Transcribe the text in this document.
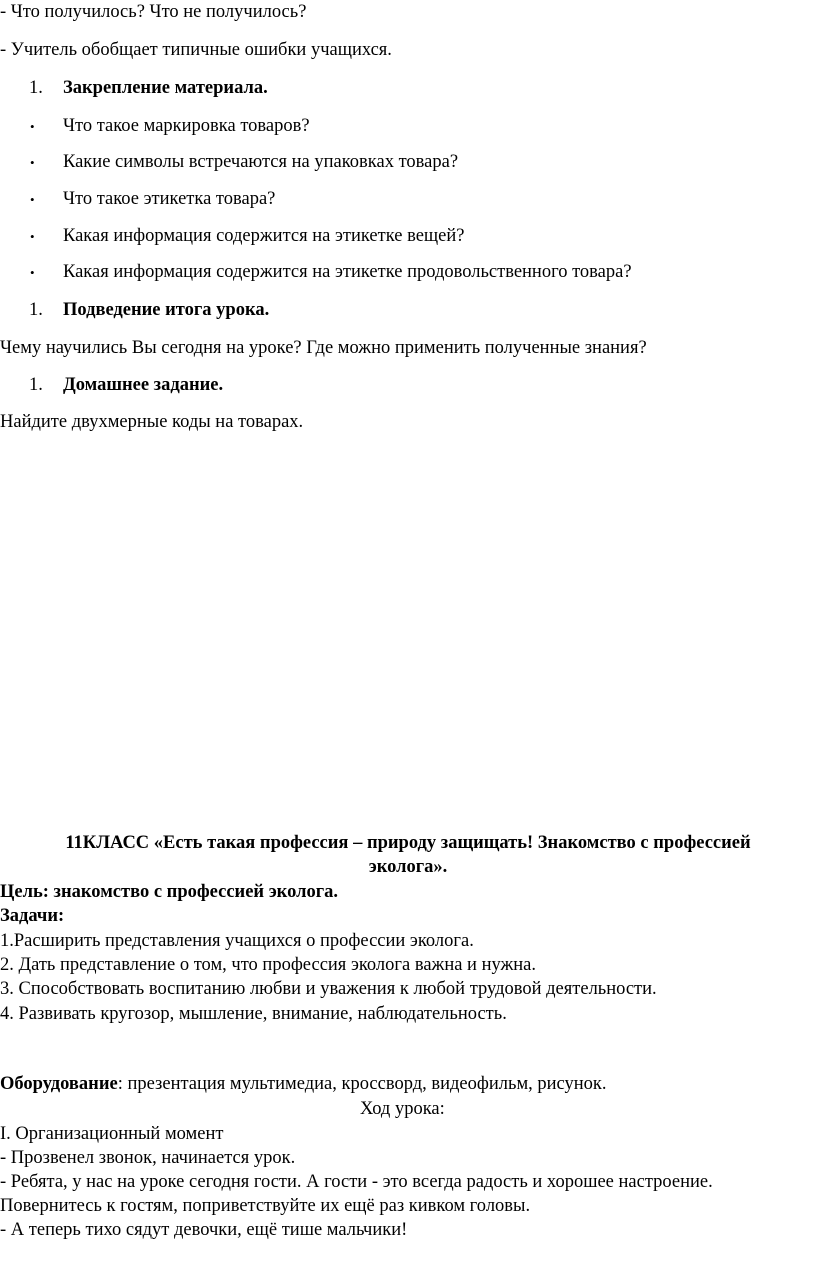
- Что получилось? Что не получилось?
- Учитель обобщает типичные ошибки учащихся.
1. Закрепление материала.
• Что такое маркировка товаров?
• Какие символы встречаются на упаковках товара?
• Что такое этикетка товара?
• Какая информация содержится на этикетке вещей?
• Какая информация содержится на этикетке продовольственного товара?
1. Подведение итога урока.
Чему научились Вы сегодня на уроке? Где можно применить полученные знания?
1. Домашнее задание.
Найдите двухмерные коды на товарах.
11КЛАСС «Есть такая профессия – природу защищать! Знакомство с профессией
эколога».
Цель: знакомство с профессией эколога.
Задачи:
1.Расширить представления учащихся о профессии эколога.
2. Дать представление о том, что профессия эколога важна и нужна.
3. Способствовать воспитанию любви и уважения к любой трудовой деятельности.
4. Развивать кругозор, мышление, внимание, наблюдательность.
Оборудование: презентация мультимедиа, кроссворд, видеофильм, рисунок.
Ход урока:
I. Организационный момент
- Прозвенел звонок, начинается урок.
- Ребята, у нас на уроке сегодня гости. А гости - это всегда радость и хорошее настроение.
Повернитесь к гостям, поприветствуйте их ещё раз кивком головы.
- А теперь тихо сядут девочки, ещё тише мальчики!
